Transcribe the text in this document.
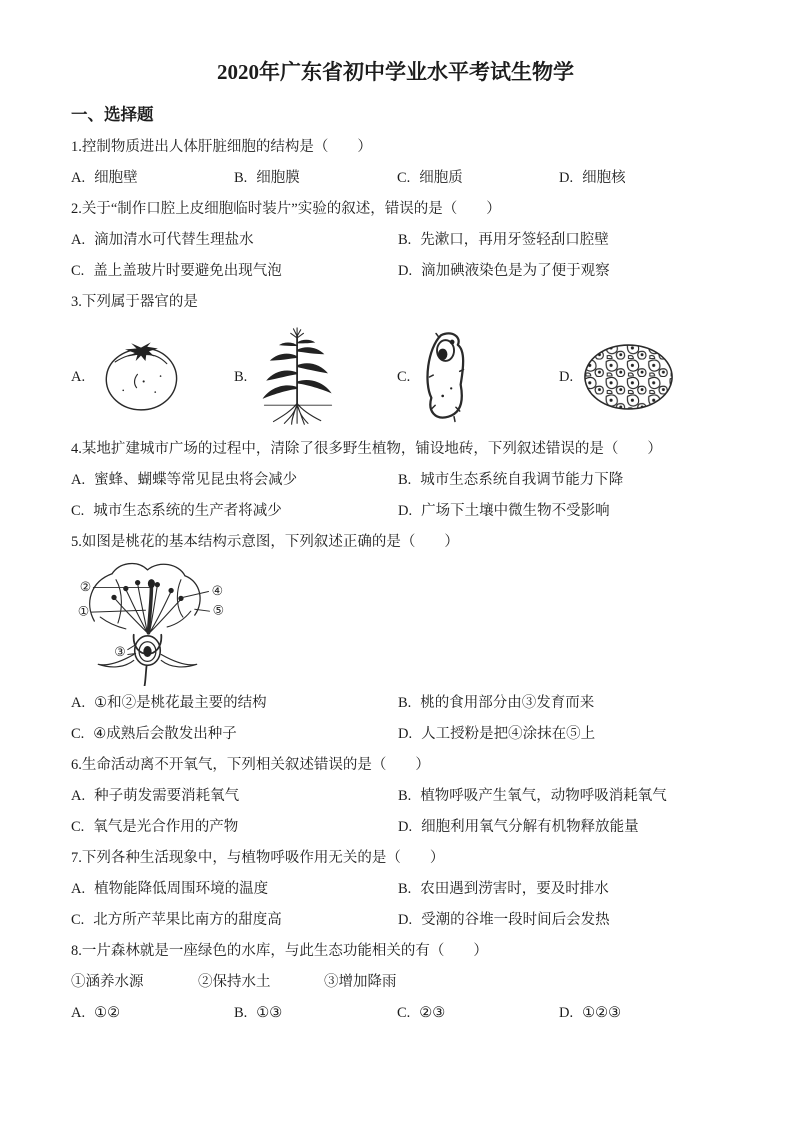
2020年广东省初中学业水平考试生物学
一、选择题
1.控制物质进出人体肝脏细胞的结构是（　　）
A. 细胞壁	B. 细胞膜	C. 细胞质	D. 细胞核
2.关于“制作口腔上皮细胞临时装片”实验的叙述，错误的是（　　）
A. 滴加清水可代替生理盐水	B. 先漱口，再用牙签轻刮口腔壁
C. 盖上盖玻片时要避免出现气泡	D. 滴加碘液染色是为了便于观察
3.下列属于器官的是
A.	B.	C.	D.
4.某地扩建城市广场的过程中，清除了很多野生植物，铺设地砖，下列叙述错误的是（　　）
A. 蜜蜂、蝴蝶等常见昆虫将会减少	B. 城市生态系统自我调节能力下降
C. 城市生态系统的生产者将减少	D. 广场下土壤中微生物不受影响
5.如图是桃花的基本结构示意图，下列叙述正确的是（　　）
②
①
④
⑤
③
A. ①和②是桃花最主要的结构	B. 桃的食用部分由③发育而来
C. ④成熟后会散发出种子	D. 人工授粉是把④涂抹在⑤上
6.生命活动离不开氧气，下列相关叙述错误的是（　　）
A. 种子萌发需要消耗氧气	B. 植物呼吸产生氧气，动物呼吸消耗氧气
C. 氧气是光合作用的产物	D. 细胞利用氧气分解有机物释放能量
7.下列各种生活现象中，与植物呼吸作用无关的是（　　）
A. 植物能降低周围环境的温度	B. 农田遇到涝害时，要及时排水
C. 北方所产苹果比南方的甜度高	D. 受潮的谷堆一段时间后会发热
8.一片森林就是一座绿色的水库，与此生态功能相关的有（　　）
①涵养水源	②保持水土	③增加降雨
A. ①②	B. ①③	C. ②③	D. ①②③
